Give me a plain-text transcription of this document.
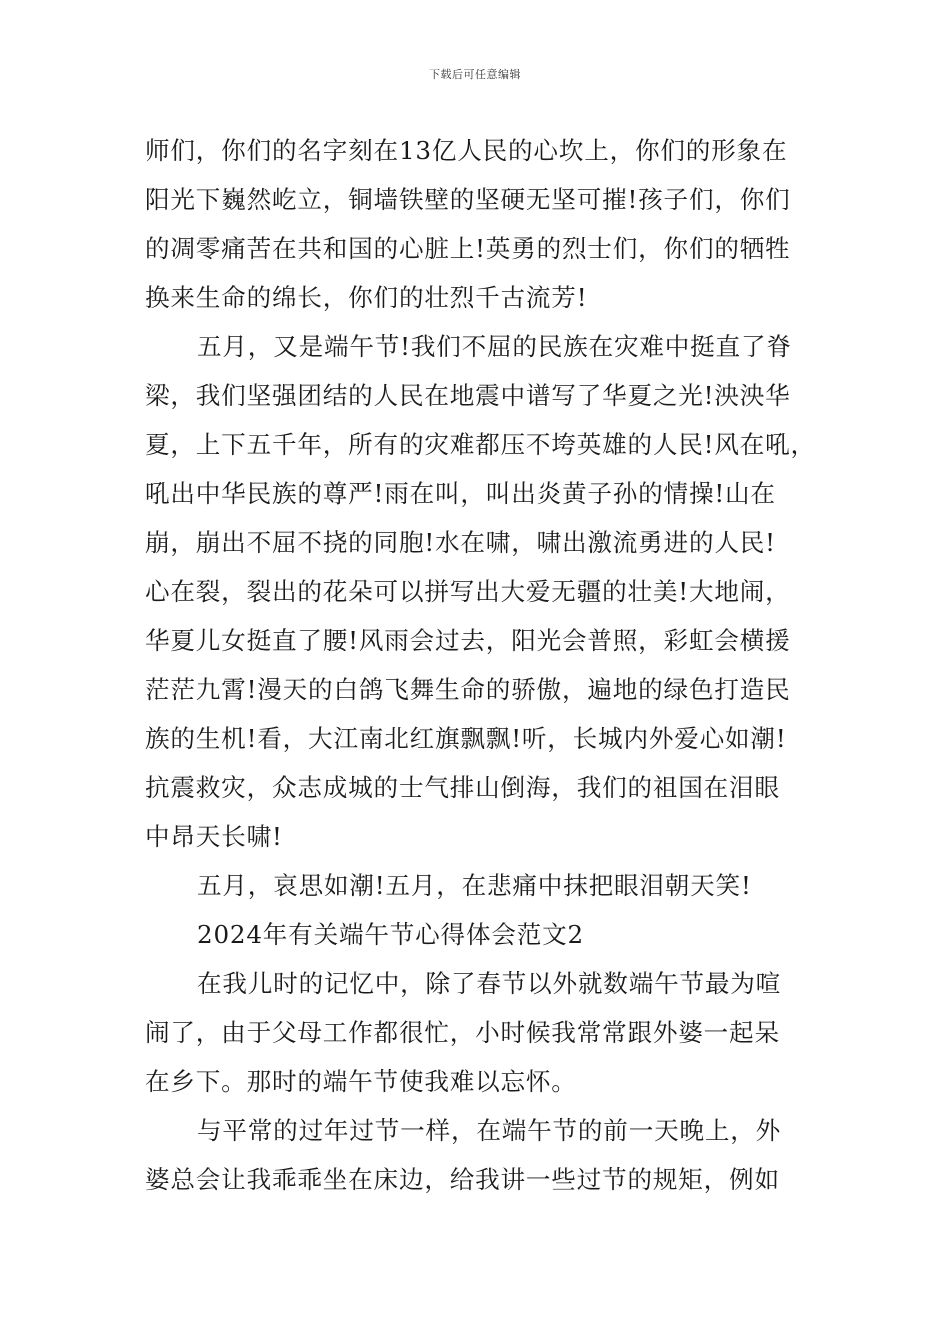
下载后可任意编辑
师们，你们的名字刻在13亿人民的心坎上，你们的形象在
阳光下巍然屹立，铜墙铁壁的坚硬无坚可摧!孩子们，你们
的凋零痛苦在共和国的心脏上!英勇的烈士们，你们的牺牲
换来生命的绵长，你们的壮烈千古流芳!
五月，又是端午节!我们不屈的民族在灾难中挺直了脊
梁，我们坚强团结的人民在地震中谱写了华夏之光!泱泱华
夏，上下五千年，所有的灾难都压不垮英雄的人民!风在吼，
吼出中华民族的尊严!雨在叫，叫出炎黄子孙的情操!山在
崩，崩出不屈不挠的同胞!水在啸，啸出激流勇进的人民!
心在裂，裂出的花朵可以拼写出大爱无疆的壮美!大地闹，
华夏儿女挺直了腰!风雨会过去，阳光会普照，彩虹会横援
茫茫九霄!漫天的白鸽飞舞生命的骄傲，遍地的绿色打造民
族的生机!看，大江南北红旗飘飘!听，长城内外爱心如潮!
抗震救灾，众志成城的士气排山倒海，我们的祖国在泪眼
中昂天长啸!
五月，哀思如潮!五月，在悲痛中抹把眼泪朝天笑!
2024年有关端午节心得体会范文2
在我儿时的记忆中，除了春节以外就数端午节最为喧
闹了，由于父母工作都很忙，小时候我常常跟外婆一起呆
在乡下。那时的端午节使我难以忘怀。
与平常的过年过节一样，在端午节的前一天晚上，外
婆总会让我乖乖坐在床边，给我讲一些过节的规矩，例如
